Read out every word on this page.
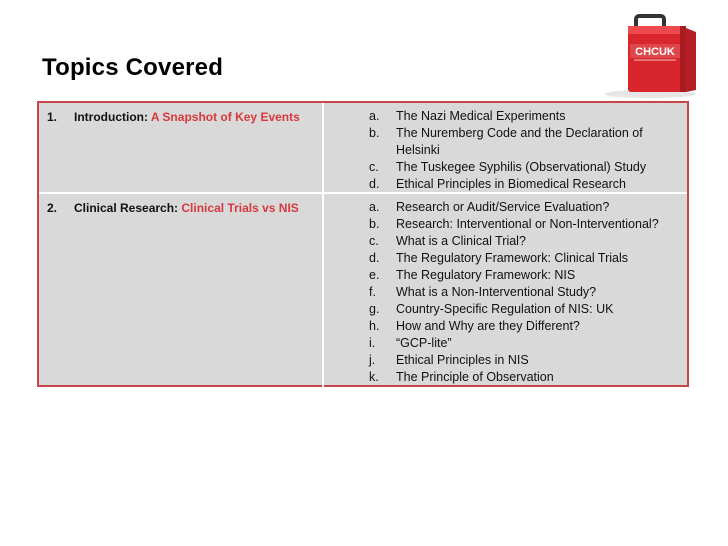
Topics Covered
CHCUK
1. Introduction: A Snapshot of Key Events	a. The Nazi Medical Experiments
b. The Nuremberg Code and the Declaration of Helsinki
c. The Tuskegee Syphilis (Observational) Study
d. Ethical Principles in Biomedical Research
2. Clinical Research: Clinical Trials vs NIS	a. Research or Audit/Service Evaluation?
b. Research: Interventional or Non-Interventional?
c. What is a Clinical Trial?
d. The Regulatory Framework: Clinical Trials
e. The Regulatory Framework: NIS
f. What is a Non-Interventional Study?
g. Country-Specific Regulation of NIS: UK
h. How and Why are they Different?
i. “GCP-lite”
j. Ethical Principles in NIS
k. The Principle of Observation
